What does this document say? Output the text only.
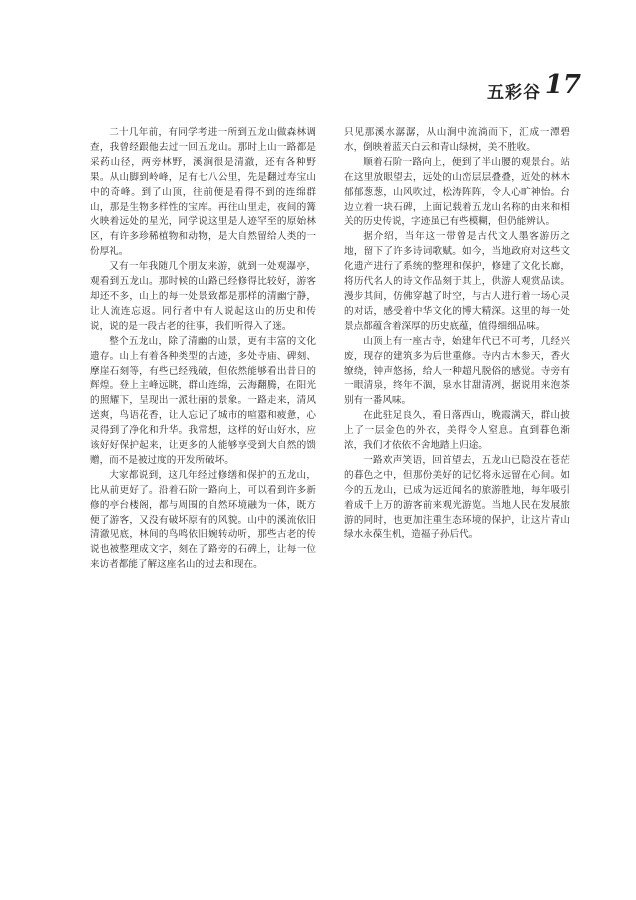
五彩谷 17

二十几年前，有同学考进一所到五龙山做森林调查，我曾经跟他去过一回五龙山。那时上山一路都是采药山径，两旁林野，溪涧很是清澈，还有各种野果。从山脚到岭峰，足有七八公里，先是翻过寿宝山中的奇峰。到了山顶，往前便是看得不到的连绵群山，那是生物多样性的宝库。再往山里走，夜间的篝火映着远处的星光，同学说这里是人迹罕至的原始林区，有许多珍稀植物和动物，是大自然留给人类的一份厚礼。

又有一年我随几个朋友来游，就到一处观瀑亭，观看到五龙山。那时候的山路已经修得比较好，游客却还不多，山上的每一处景致都是那样的清幽宁静，让人流连忘返。同行者中有人说起这山的历史和传说，说的是一段古老的往事，我们听得入了迷。

整个五龙山，除了清幽的山景，更有丰富的文化遗存。山上有着各种类型的古迹，多处寺庙、碑刻、摩崖石刻等，有些已经残破，但依然能够看出昔日的辉煌。登上主峰远眺，群山连绵，云海翻腾，在阳光的照耀下，呈现出一派壮丽的景象。一路走来，清风送爽，鸟语花香，让人忘记了城市的喧嚣和疲惫，心灵得到了净化和升华。我常想，这样的好山好水，应该好好保护起来，让更多的人能够享受到大自然的馈赠，而不是被过度的开发所破坏。

大家都说到，这几年经过修缮和保护的五龙山，比从前更好了。沿着石阶一路向上，可以看到许多新修的亭台楼阁，都与周围的自然环境融为一体，既方便了游客，又没有破坏原有的风貌。山中的溪流依旧清澈见底，林间的鸟鸣依旧婉转动听，那些古老的传说也被整理成文字，刻在了路旁的石碑上，让每一位来访者都能了解这座名山的过去和现在。

只见那溪水潺潺，从山涧中流淌而下，汇成一潭碧水，倒映着蓝天白云和青山绿树，美不胜收。

顺着石阶一路向上，便到了半山腰的观景台。站在这里放眼望去，远处的山峦层层叠叠，近处的林木郁郁葱葱，山风吹过，松涛阵阵，令人心旷神怡。台边立着一块石碑，上面记载着五龙山名称的由来和相关的历史传说，字迹虽已有些模糊，但仍能辨认。

据介绍，当年这一带曾是古代文人墨客游历之地，留下了许多诗词歌赋。如今，当地政府对这些文化遗产进行了系统的整理和保护，修建了文化长廊，将历代名人的诗文作品刻于其上，供游人观赏品读。漫步其间，仿佛穿越了时空，与古人进行着一场心灵的对话，感受着中华文化的博大精深。这里的每一处景点都蕴含着深厚的历史底蕴，值得细细品味。

山顶上有一座古寺，始建年代已不可考，几经兴废，现存的建筑多为后世重修。寺内古木参天，香火缭绕，钟声悠扬，给人一种超凡脱俗的感觉。寺旁有一眼清泉，终年不涸，泉水甘甜清冽，据说用来泡茶别有一番风味。

在此驻足良久，看日落西山，晚霞满天，群山披上了一层金色的外衣，美得令人窒息。直到暮色渐浓，我们才依依不舍地踏上归途。

一路欢声笑语，回首望去，五龙山已隐没在苍茫的暮色之中，但那份美好的记忆将永远留在心间。如今的五龙山，已成为远近闻名的旅游胜地，每年吸引着成千上万的游客前来观光游览。当地人民在发展旅游的同时，也更加注重生态环境的保护，让这片青山绿水永葆生机，造福子孙后代。
